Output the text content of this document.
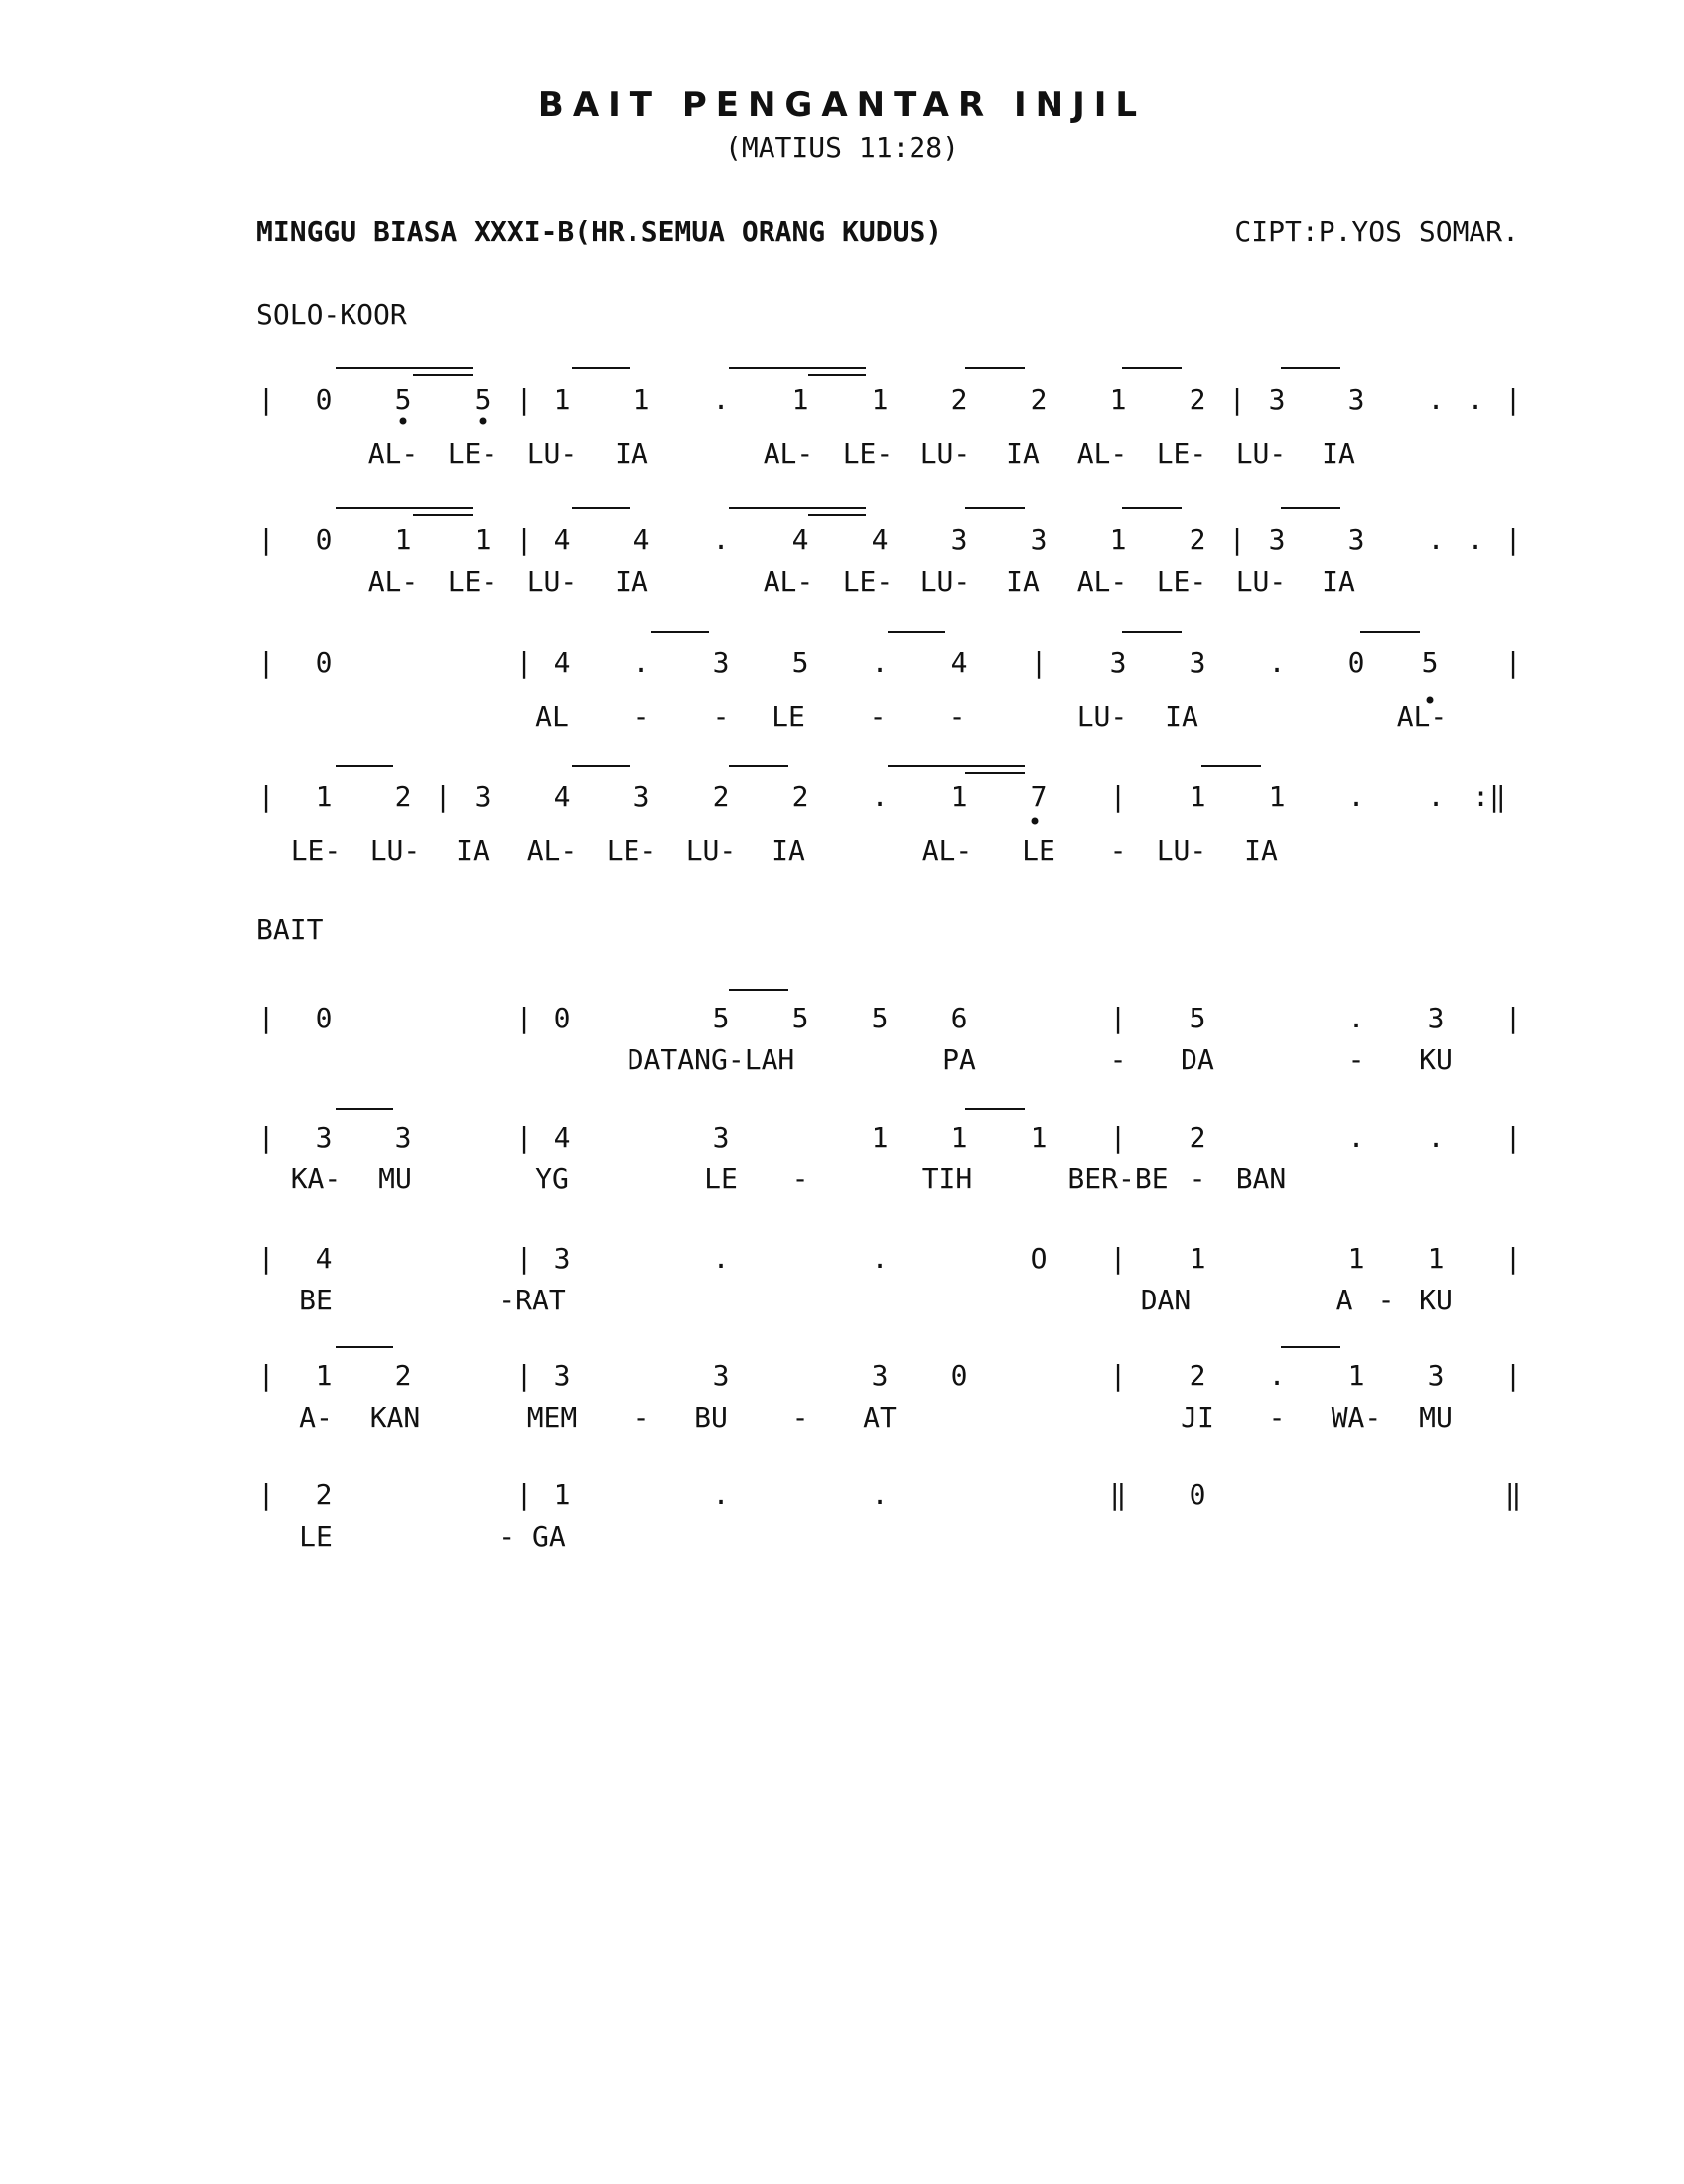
BAIT PENGANTAR INJIL
(MATIUS 11:28)
MINGGU BIASA XXXI-B(HR.SEMUA ORANG KUDUS)	CIPT:P.YOS SOMAR.
SOLO-KOOR
BAIT
| 0 5 5 | 1 1 . 1 1 2 2 1 2 | 3 3 . . |
AL- LE- LU- IA	AL- LE- LU- IA AL- LE- LU- IA
| 0 1 1 | 4 4 . 4 4 3 3 1 2 | 3 3 . . |
AL- LE- LU- IA	AL- LE- LU- IA AL- LE- LU- IA
| 0	| 4 . 3 5 . 4 | 3 3 . 0 5 |
AL - - LE - -	LU- IA	AL-
| 1 2 | 3 4 3 2 2 . 1 7 | 1 1 . . :‖
LE- LU- IA AL- LE- LU- IA	AL- LE - LU- IA
| 0	| 0	5 5 5 6	| 5	. 3 |
DATANG-LAH	PA	- DA	- KU
| 3 3	| 4	3	1 1 1 | 2	. . |
KA- MU	YG	LE -	TIH	BER-BE - BAN
| 4	| 3	.	.	O | 1	1 1 |
BE	-RAT	DAN	A - KU
| 1 2	| 3	3	3 0	| 2 . 1 3 |
A- KAN	MEM - BU - AT	JI - WA- MU
| 2	| 1	.	.	‖ 0	‖
LE	- GA
